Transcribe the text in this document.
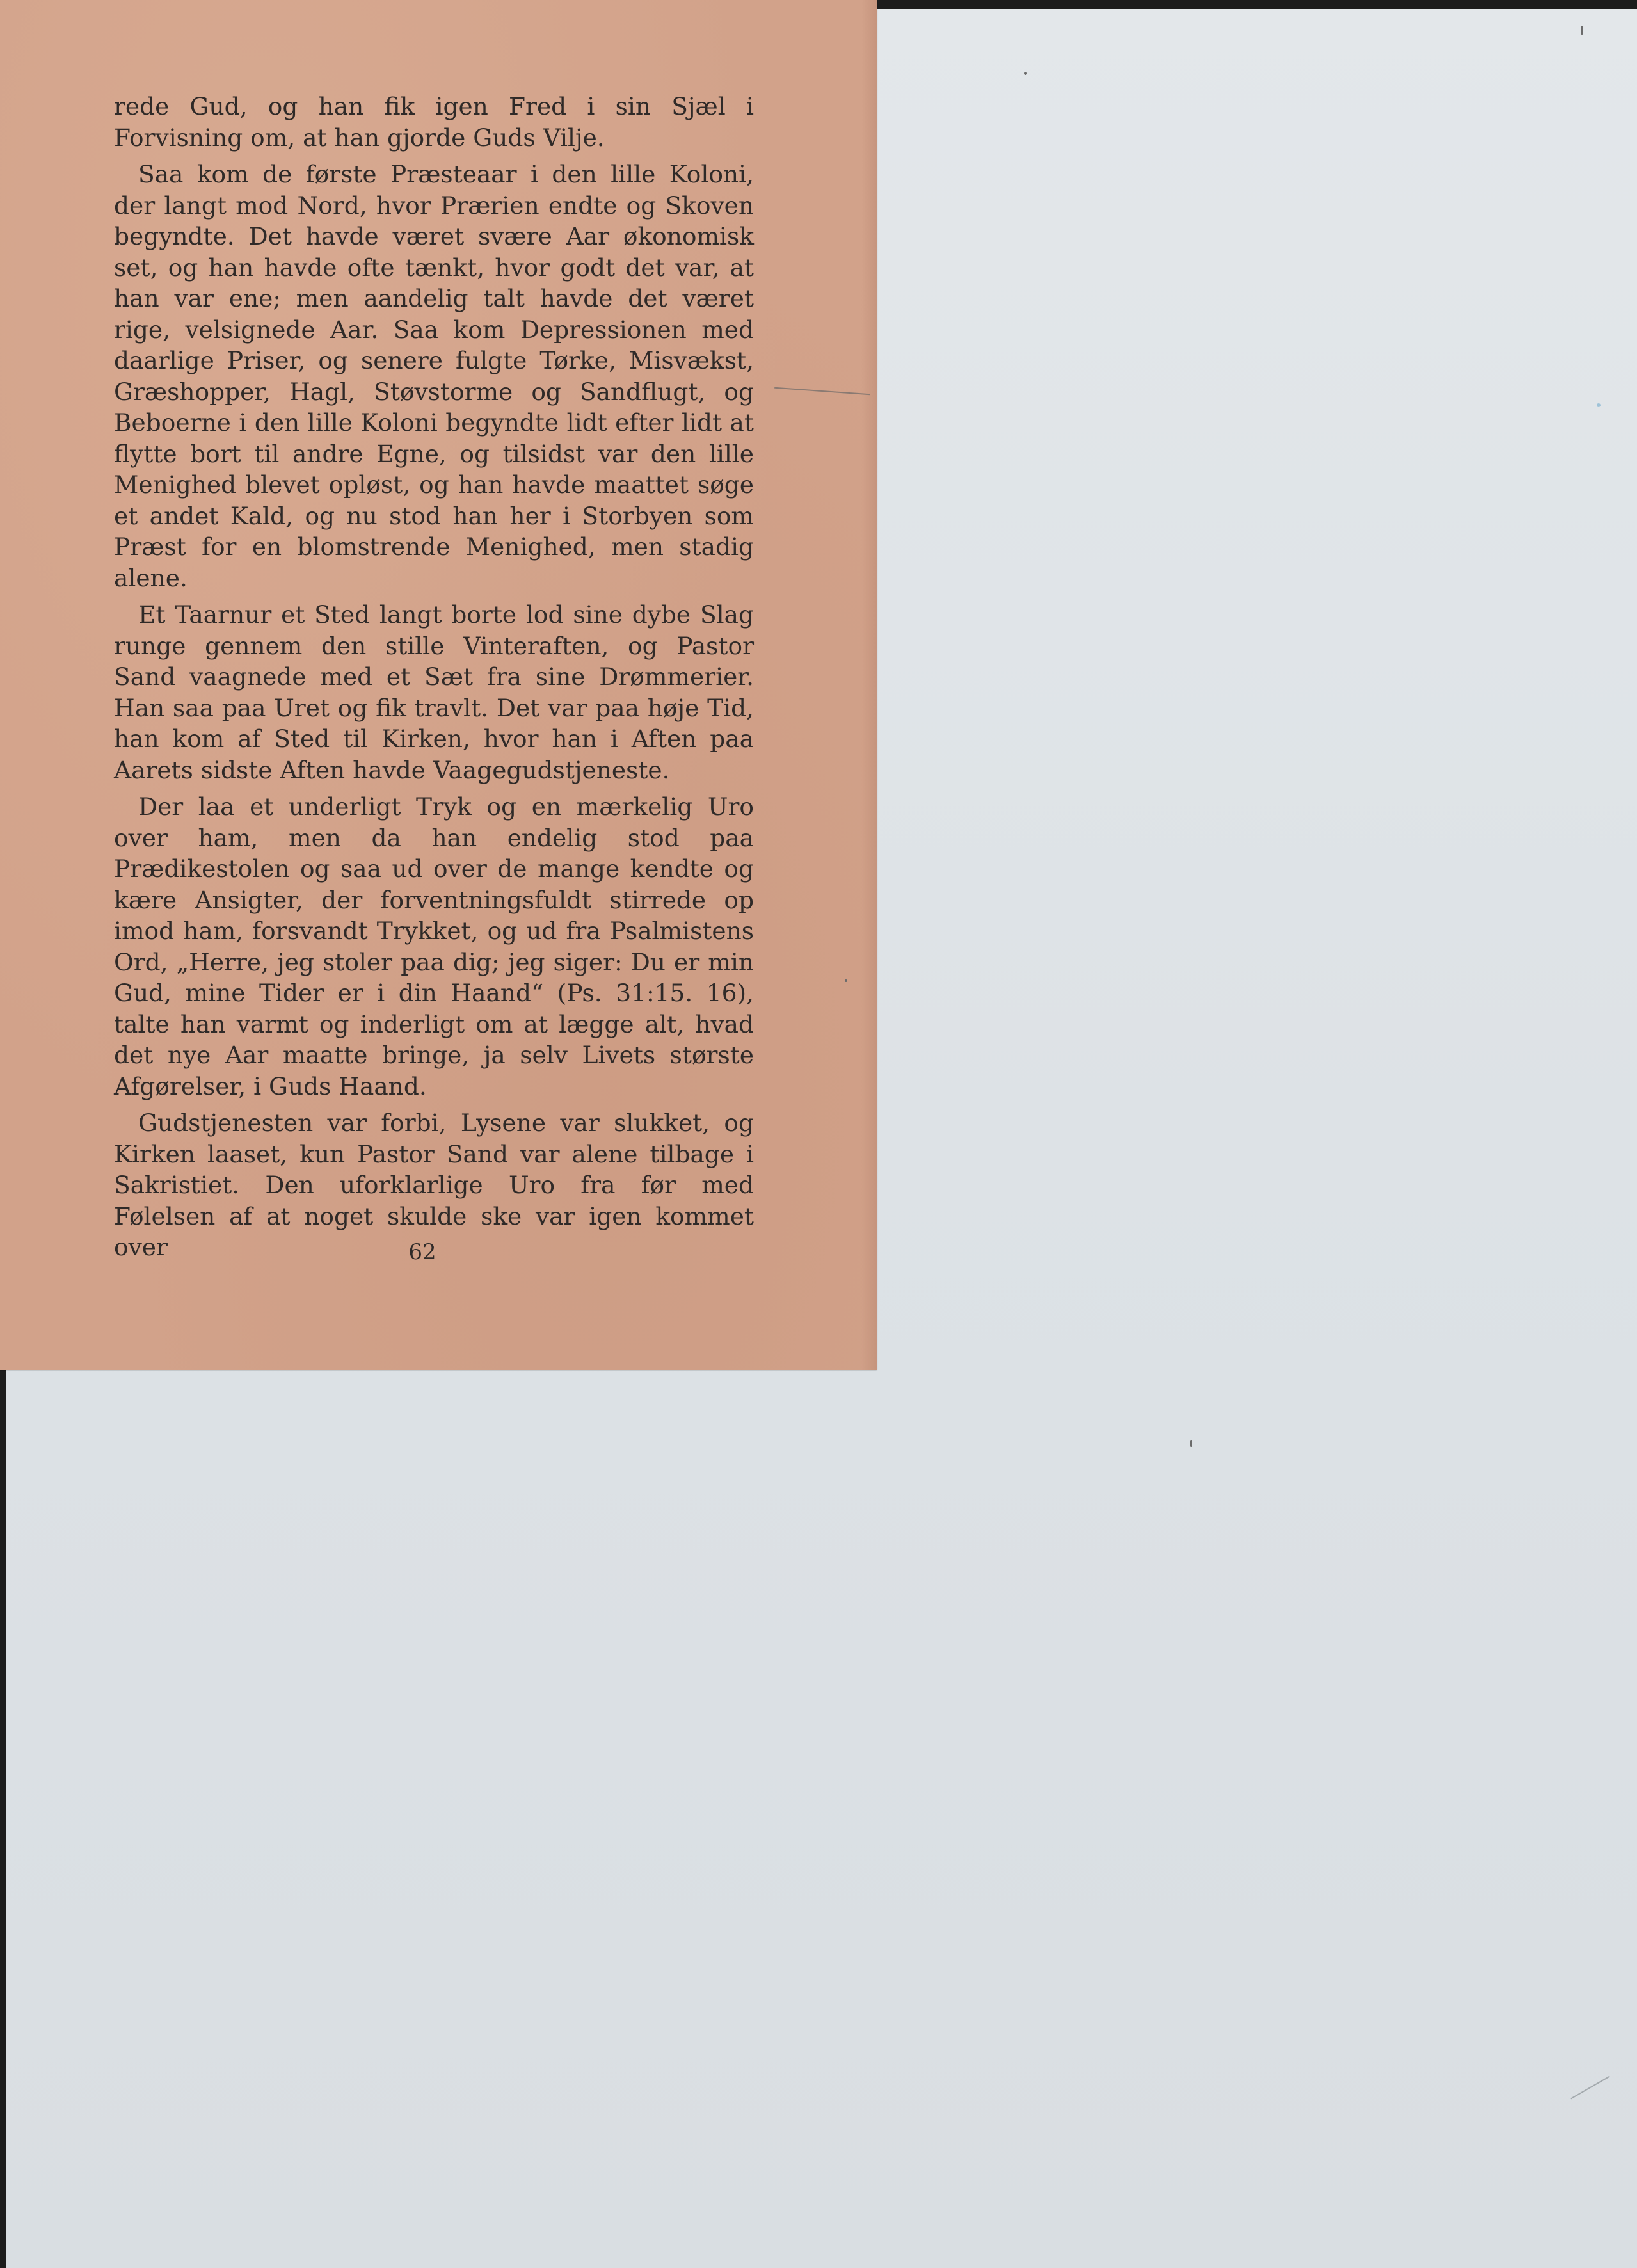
rede Gud, og han fik igen Fred i sin Sjæl i Forvisning om, at han gjorde Guds Vilje.

Saa kom de første Præsteaar i den lille Koloni, der langt mod Nord, hvor Prærien endte og Skoven begyndte. Det havde været svære Aar økonomisk set, og han havde ofte tænkt, hvor godt det var, at han var ene; men aandelig talt havde det været rige, velsignede Aar. Saa kom Depressionen med daarlige Priser, og senere fulgte Tørke, Misvækst, Græshopper, Hagl, Støvstorme og Sandflugt, og Beboerne i den lille Koloni begyndte lidt efter lidt at flytte bort til andre Egne, og tilsidst var den lille Menighed blevet opløst, og han havde maattet søge et andet Kald, og nu stod han her i Storbyen som Præst for en blomstrende Menighed, men stadig alene.

Et Taarnur et Sted langt borte lod sine dybe Slag runge gennem den stille Vinteraften, og Pastor Sand vaagnede med et Sæt fra sine Drømmerier. Han saa paa Uret og fik travlt. Det var paa høje Tid, han kom af Sted til Kirken, hvor han i Aften paa Aarets sidste Aften havde Vaagegudstjeneste.

Der laa et underligt Tryk og en mærkelig Uro over ham, men da han endelig stod paa Prædikestolen og saa ud over de mange kendte og kære Ansigter, der forventningsfuldt stirrede op imod ham, forsvandt Trykket, og ud fra Psalmistens Ord, „Herre, jeg stoler paa dig; jeg siger: Du er min Gud, mine Tider er i din Haand“ (Ps. 31:15. 16), talte han varmt og inderligt om at lægge alt, hvad det nye Aar maatte bringe, ja selv Livets største Afgørelser, i Guds Haand.

Gudstjenesten var forbi, Lysene var slukket, og Kirken laaset, kun Pastor Sand var alene tilbage i Sakristiet. Den uforklarlige Uro fra før med Følelsen af at noget skulde ske var igen kommet over	62
